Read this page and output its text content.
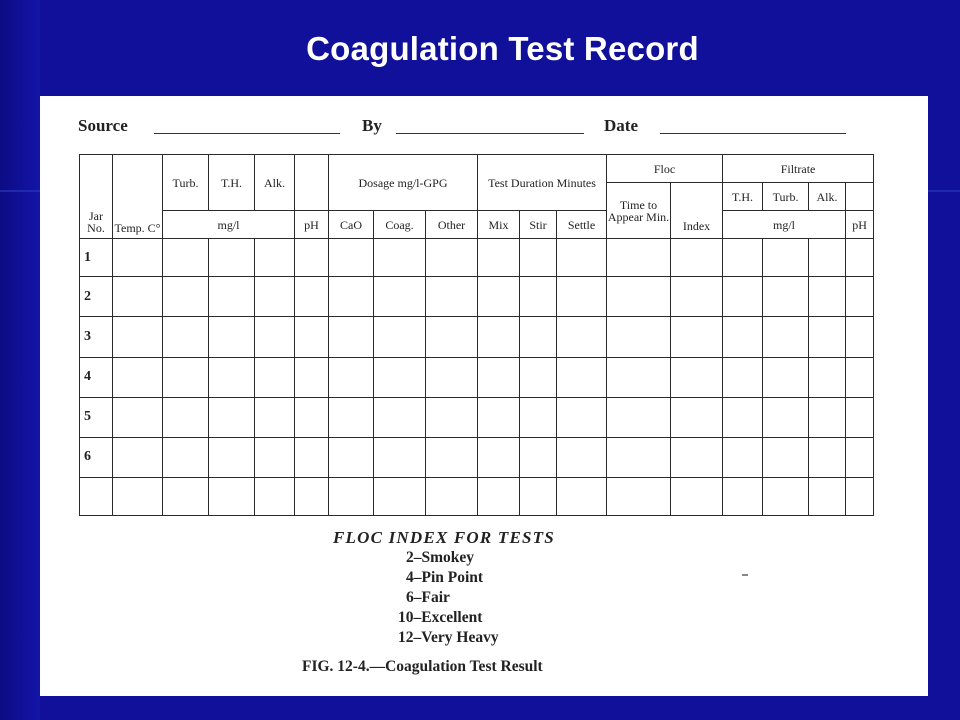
Coagulation Test Record
Source	By	Date
Jar No.	Temp. C°	Turb.	T.H.	Alk.		Dosage mg/l-GPG			Test Duration Minutes			Floc		Filtrate			
												Time to Appear Min.	Index	T.H.	Turb.	Alk.	
		mg/l			pH	CaO	Coag.	Other	Mix	Stir	Settle			mg/l			pH
1																	
2																	
3																	
4																	
5																	
6																	

FLOC INDEX FOR TESTS
2–Smokey
4–Pin Point
6–Fair
10–Excellent
12–Very Heavy
FIG. 12-4.—Coagulation Test Result
